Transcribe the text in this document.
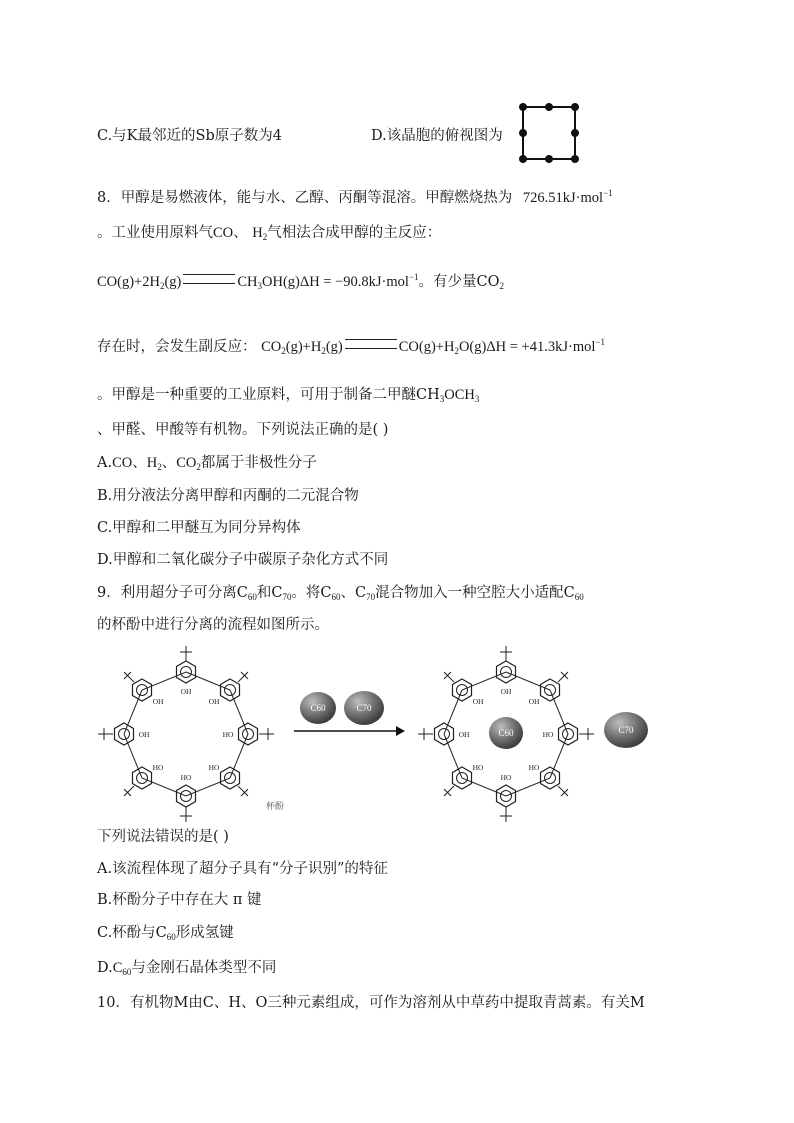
C.与K最邻近的Sb原子数为4	D.该晶胞的俯视图为
8．甲醇是易燃液体，能与水、乙醇、丙酮等混溶。甲醇燃烧热为 726.51kJ·mol$^{-1}$
。工业使用原料气CO、 $H_2$气相法合成甲醇的主反应：
$CO(g)+2H_2(g)$	$CH_3OH(g)\Delta H = -90.8kJ\cdot mol^{-1}$。有少量$CO_2$
存在时，会发生副反应： $CO_2(g)+H_2(g)$	$CO(g)+H_2O(g)\Delta H = +41.3kJ\cdot mol^{-1}$
。甲醇是一种重要的工业原料，可用于制备二甲醚$CH_3OCH_3$
、甲醛、甲酸等有机物。下列说法正确的是( )
A.CO、$H_2$、$CO_2$都属于非极性分子
B.用分液法分离甲醇和丙酮的二元混合物
C.甲醇和二甲醚互为同分异构体
D.甲醇和二氧化碳分子中碳原子杂化方式不同
9．利用超分子可分离$C_{60}$和$C_{70}$。将$C_{60}$、$C_{70}$混合物加入一种空腔大小适配$C_{60}$
的杯酚中进行分离的流程如图所示。
OH
OH
OH
HO
HO
HO
HO
OH
杯酚
C60	C70
C60	C70
下列说法错误的是( )
A.该流程体现了超分子具有“分子识别”的特征
B.杯酚分子中存在大 π 键
C.杯酚与$C_{60}$形成氢键
$D.C_{60}$与金刚石晶体类型不同
10．有机物M由C、H、O三种元素组成，可作为溶剂从中草药中提取青蒿素。有关M
